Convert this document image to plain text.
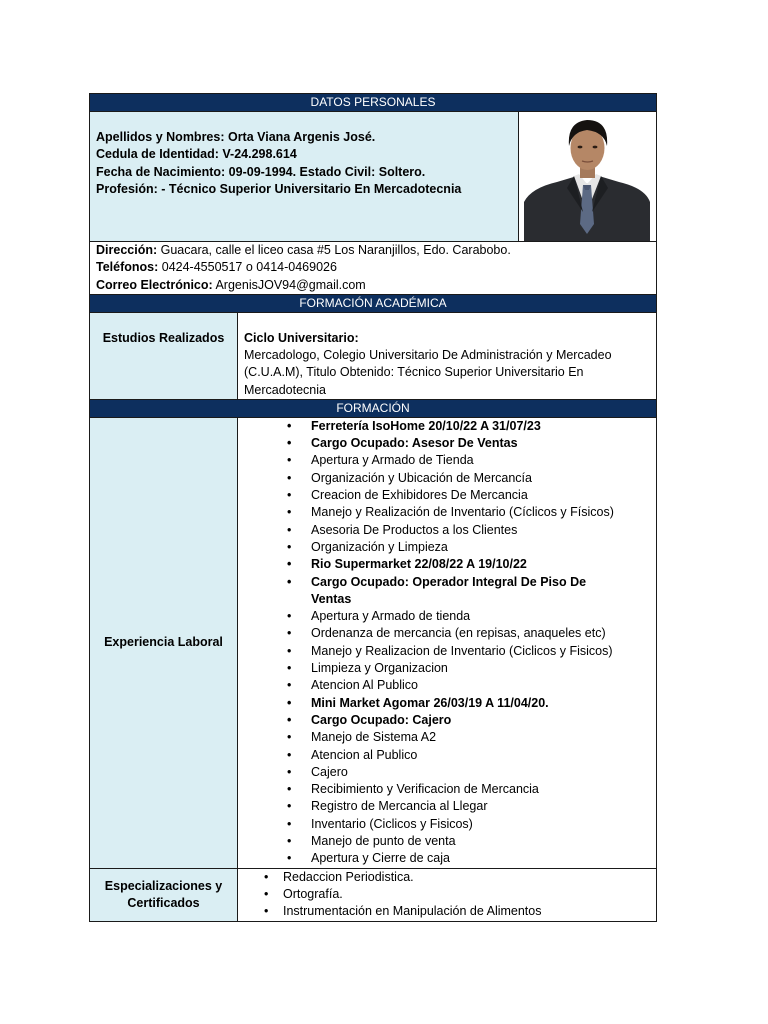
DATOS PERSONALES
Apellidos y Nombres: Orta Viana Argenis José.
Cedula de Identidad: V-24.298.614
Fecha de Nacimiento: 09-09-1994. Estado Civil: Soltero.
Profesión: - Técnico Superior Universitario En Mercadotecnia
Dirección: Guacara, calle el liceo casa #5 Los Naranjillos, Edo. Carabobo.
Teléfonos: 0424-4550517 o 0414-0469026
Correo Electrónico: ArgenisJOV94@gmail.com
FORMACIÓN ACADÉMICA
Estudios Realizados	Ciclo Universitario:
Mercadologo, Colegio Universitario De Administración y Mercadeo (C.U.A.M), Titulo Obtenido: Técnico Superior Universitario En Mercadotecnia
FORMACIÓN
Experiencia Laboral
• Ferretería IsoHome 20/10/22 A 31/07/23
• Cargo Ocupado: Asesor De Ventas
• Apertura y Armado de Tienda
• Organización y Ubicación de Mercancía
• Creacion de Exhibidores De Mercancia
• Manejo y Realización de Inventario (Cíclicos y Físicos)
• Asesoria De Productos a los Clientes
• Organización y Limpieza
• Rio Supermarket 22/08/22 A 19/10/22
• Cargo Ocupado: Operador Integral De Piso De Ventas
• Apertura y Armado de tienda
• Ordenanza de mercancia (en repisas, anaqueles etc)
• Manejo y Realizacion de Inventario (Ciclicos y Fisicos)
• Limpieza y Organizacion
• Atencion Al Publico
• Mini Market Agomar 26/03/19 A 11/04/20.
• Cargo Ocupado: Cajero
• Manejo de Sistema A2
• Atencion al Publico
• Cajero
• Recibimiento y Verificacion de Mercancia
• Registro de Mercancia al Llegar
• Inventario (Ciclicos y Fisicos)
• Manejo de punto de venta
• Apertura y Cierre de caja
Especializaciones y Certificados
• Redaccion Periodistica.
• Ortografía.
• Instrumentación en Manipulación de Alimentos
